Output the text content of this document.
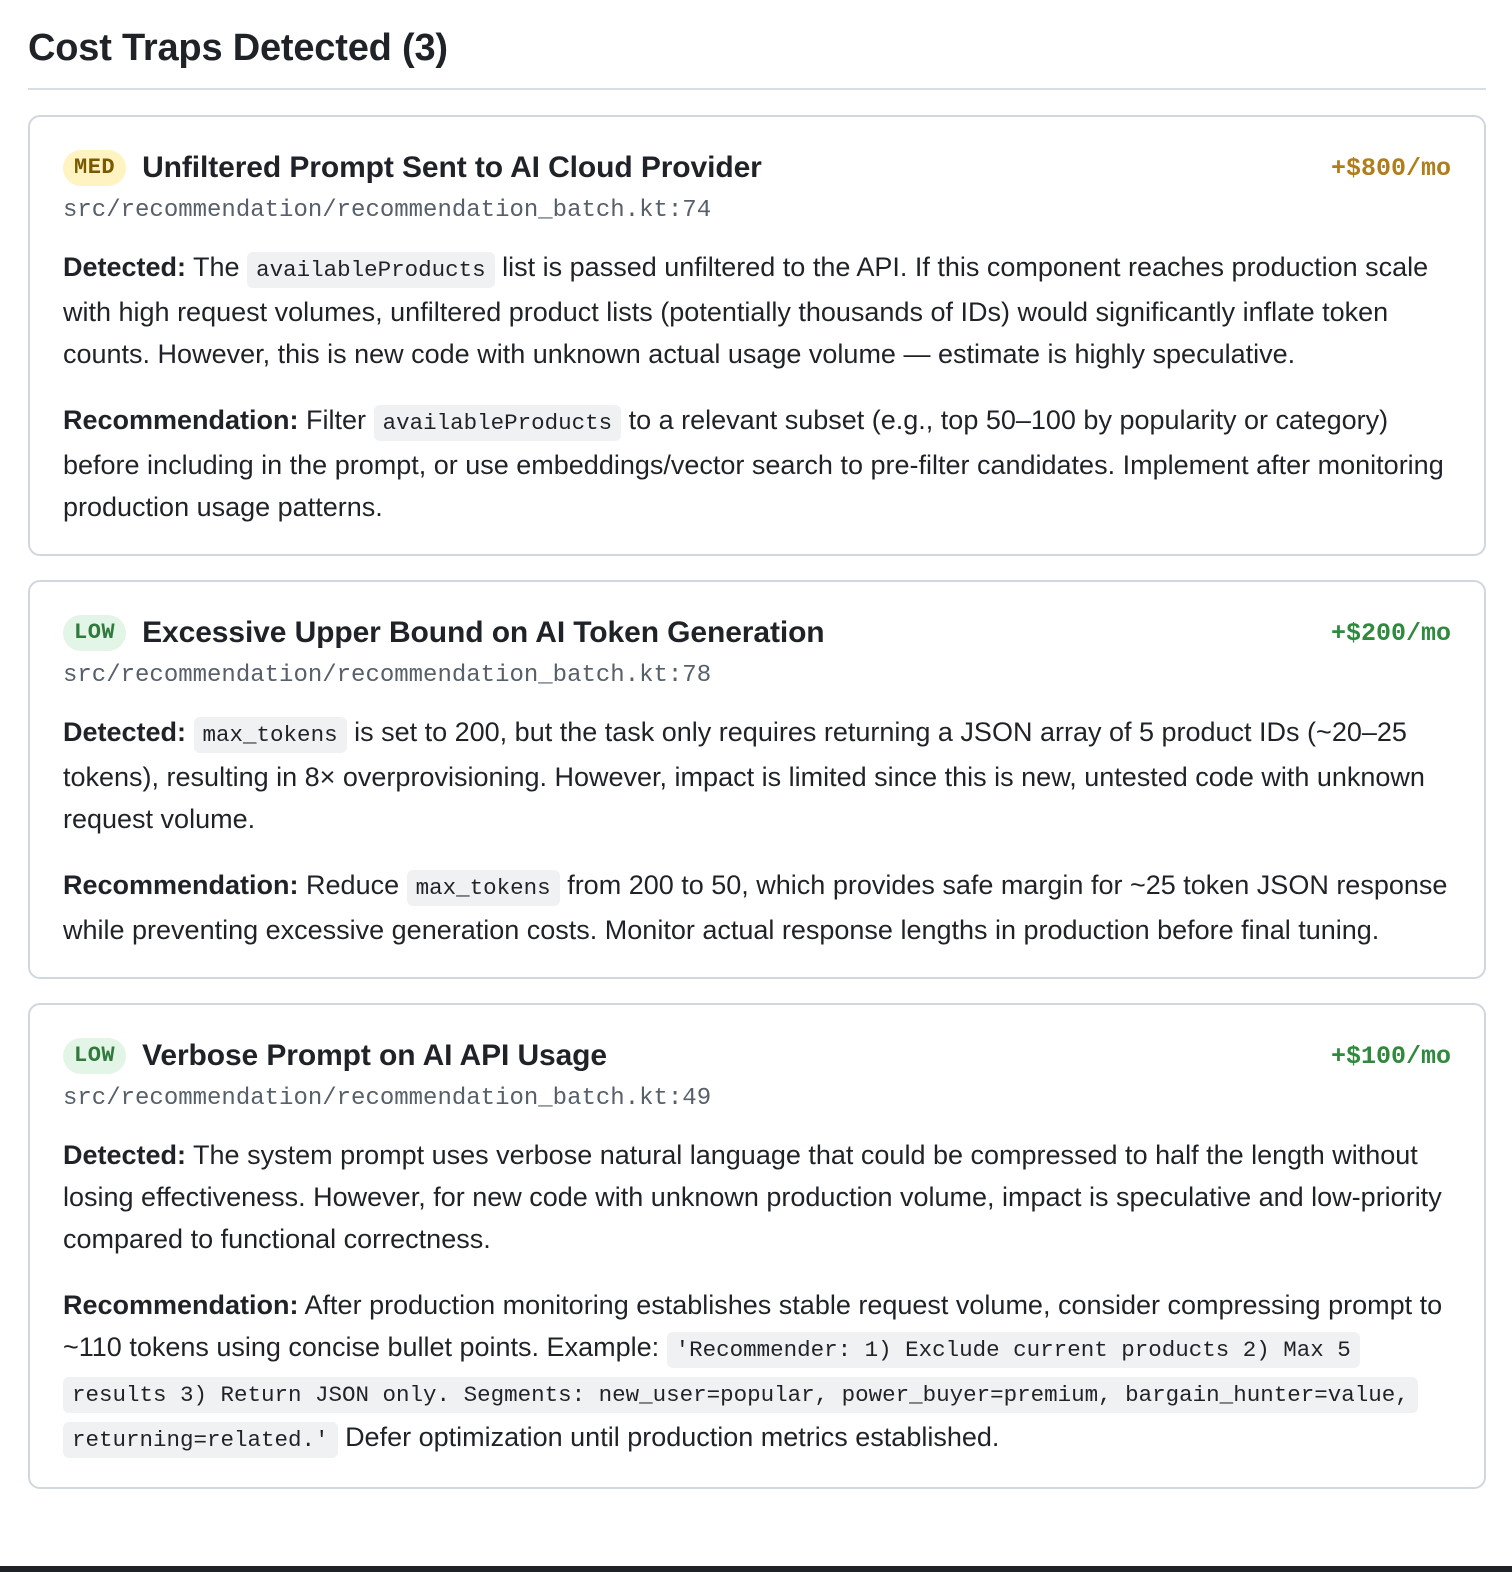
Cost Traps Detected (3)
MED Unfiltered Prompt Sent to AI Cloud Provider	+$800/mo
src/recommendation/recommendation_batch.kt:74

Detected: The availableProducts list is passed unfiltered to the API. If this component reaches production scale with high request volumes, unfiltered product lists (potentially thousands of IDs) would significantly inflate token counts. However, this is new code with unknown actual usage volume — estimate is highly speculative.

Recommendation: Filter availableProducts to a relevant subset (e.g., top 50–100 by popularity or category) before including in the prompt, or use embeddings/vector search to pre-filter candidates. Implement after monitoring production usage patterns.

LOW Excessive Upper Bound on AI Token Generation	+$200/mo
src/recommendation/recommendation_batch.kt:78

Detected: max_tokens is set to 200, but the task only requires returning a JSON array of 5 product IDs (~20–25 tokens), resulting in 8× overprovisioning. However, impact is limited since this is new, untested code with unknown request volume.

Recommendation: Reduce max_tokens from 200 to 50, which provides safe margin for ~25 token JSON response while preventing excessive generation costs. Monitor actual response lengths in production before final tuning.

LOW Verbose Prompt on AI API Usage	+$100/mo
src/recommendation/recommendation_batch.kt:49

Detected: The system prompt uses verbose natural language that could be compressed to half the length without losing effectiveness. However, for new code with unknown production volume, impact is speculative and low-priority compared to functional correctness.

Recommendation: After production monitoring establishes stable request volume, consider compressing prompt to ~110 tokens using concise bullet points. Example: 'Recommender: 1) Exclude current products 2) Max 5 results 3) Return JSON only. Segments: new_user=popular, power_buyer=premium, bargain_hunter=value, returning=related.' Defer optimization until production metrics established.
